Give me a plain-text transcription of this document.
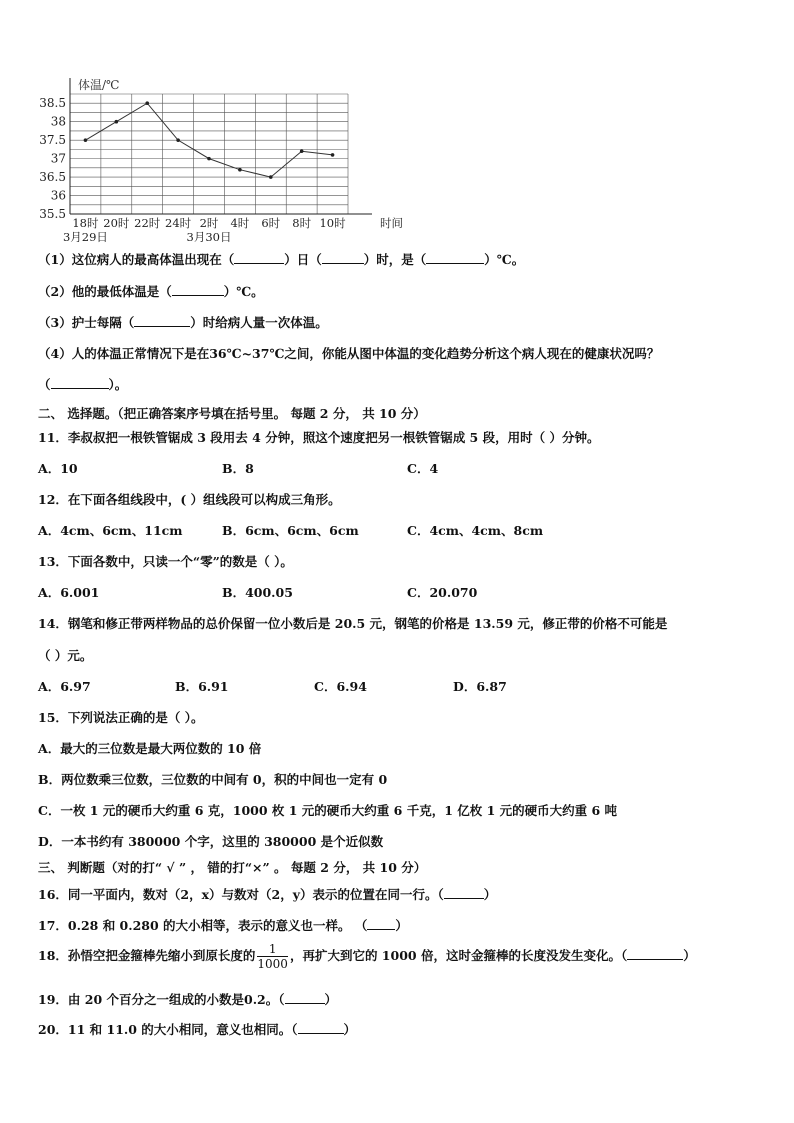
体温/℃
38.5
38
37.5
37
36.5
36
35.5
18时 20时 22时 24时 2时 4时 6时 8时 10时	时间
3月29日	3月30日
（1）这位病人的最高体温出现在（	）日（	）时，是（	）℃。
（2）他的最低体温是（	）℃。
（3）护士每隔（	）时给病人量一次体温。
（4）人的体温正常情况下是在36℃~37℃之间，你能从图中体温的变化趋势分析这个病人现在的健康状况吗？
（	）。
二、 选择题。（把正确答案序号填在括号里。 每题 2 分， 共 10 分）
11．李叔叔把一根铁管锯成 3 段用去 4 分钟，照这个速度把另一根铁管锯成 5 段，用时（ ）分钟。
A．10	B．8	C．4
12．在下面各组线段中，( ）组线段可以构成三角形。
A．4cm、6cm、11cm	B．6cm、6cm、6cm	C．4cm、4cm、8cm
13．下面各数中，只读一个“零”的数是（ ）。
A．6.001	B．400.05	C．20.070
14．钢笔和修正带两样物品的总价保留一位小数后是 20.5 元，钢笔的价格是 13.59 元，修正带的价格不可能是
（ ）元。
A．6.97	B．6.91	C．6.94	D．6.87
15．下列说法正确的是（ ）。
A．最大的三位数是最大两位数的 10 倍
B．两位数乘三位数，三位数的中间有 0，积的中间也一定有 0
C．一枚 1 元的硬币大约重 6 克，1000 枚 1 元的硬币大约重 6 千克，1 亿枚 1 元的硬币大约重 6 吨
D．一本书约有 380000 个字，这里的 380000 是个近似数
三、 判断题（对的打“ √ ” ， 错的打“×” 。 每题 2 分， 共 10 分）
16．同一平面内，数对（2，x）与数对（2，y）表示的位置在同一行。（	）
17．0.28 和 0.280 的大小相等，表示的意义也一样。 （ ）
18．孙悟空把金箍棒先缩小到原长度的 $\frac{1}{1000}$ ，再扩大到它的 1000 倍，这时金箍棒的长度没发生变化。（	）
19．由 20 个百分之一组成的小数是0.2。（	）
20．11 和 11.0 的大小相同，意义也相同。（	）
